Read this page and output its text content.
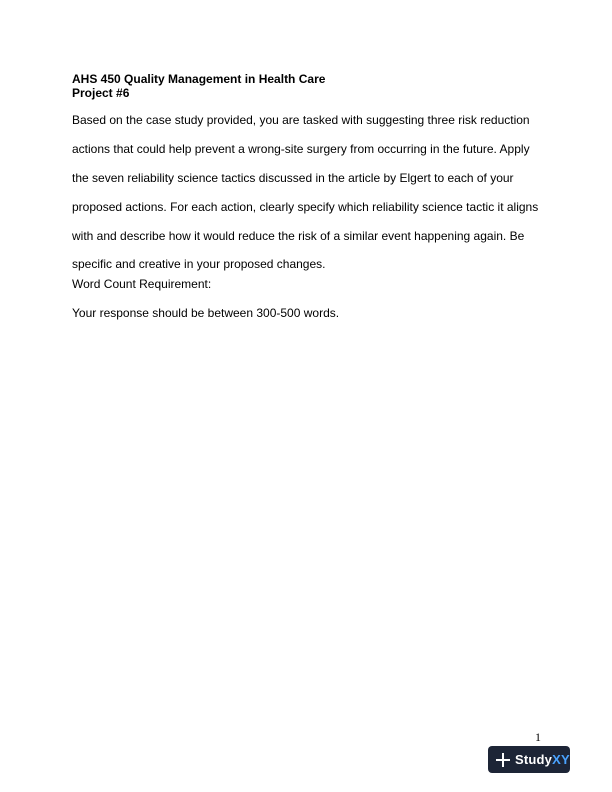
AHS 450 Quality Management in Health Care
Project #6
Based on the case study provided, you are tasked with suggesting three risk reduction
actions that could help prevent a wrong-site surgery from occurring in the future. Apply
the seven reliability science tactics discussed in the article by Elgert to each of your
proposed actions. For each action, clearly specify which reliability science tactic it aligns
with and describe how it would reduce the risk of a similar event happening again. Be
specific and creative in your proposed changes.
Word Count Requirement:
Your response should be between 300-500 words.
1
StudyXY
